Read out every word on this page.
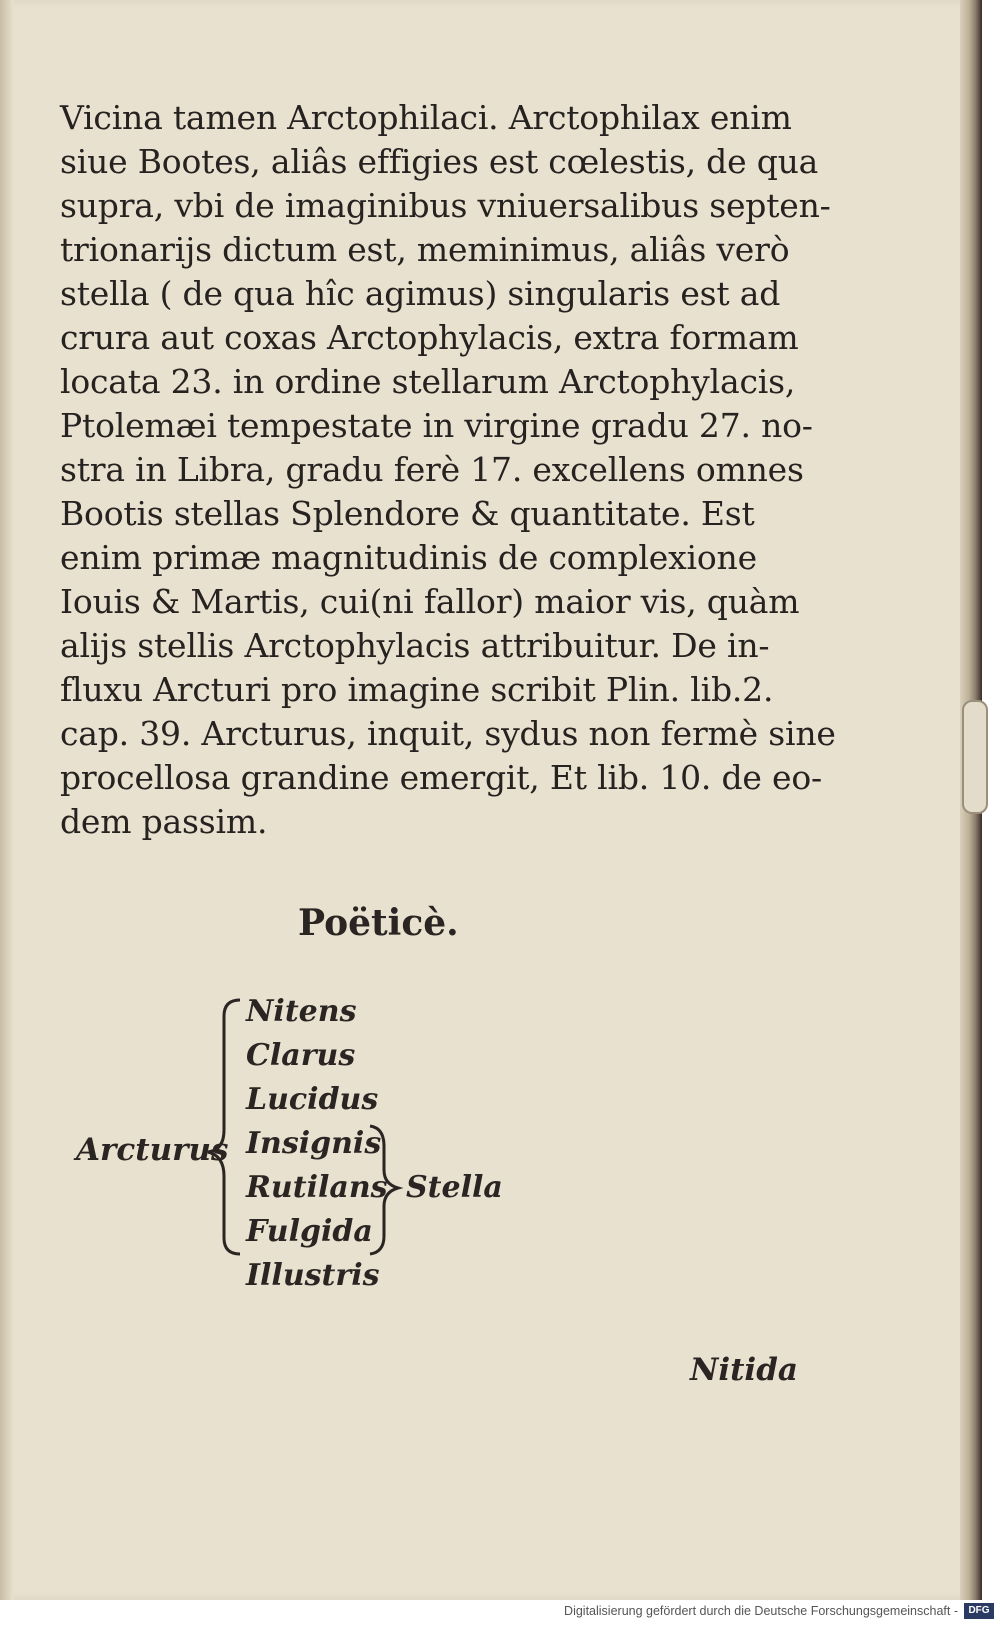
Vicina tamen Arctophilaci. Arctophilax enim

siue Bootes, aliâs effigies est cœlestis, de qua

supra, vbi de imaginibus vniuersalibus septen-

trionarijs dictum est, meminimus, aliâs verò

stella ( de qua hîc agimus) singularis est ad

crura aut coxas Arctophylacis, extra formam

locata 23. in ordine stellarum Arctophylacis,

Ptolemæi tempestate in virgine gradu 27. no-

stra in Libra, gradu ferè 17. excellens omnes

Bootis stellas Splendore & quantitate. Est

enim primæ magnitudinis de complexione

Iouis & Martis, cui(ni fallor) maior vis, quàm

alijs stellis Arctophylacis attribuitur. De in-

fluxu Arcturi pro imagine scribit Plin. lib.2.

cap. 39. Arcturus, inquit, sydus non fermè sine

procellosa grandine emergit, Et lib. 10. de eo-

dem passim.

Poëticè.

Arcturus

Nitens

Clarus

Lucidus

Insignis

Rutilans

Fulgida

Illustris

Stella

Nitida

Digitalisierung gefördert durch die Deutsche Forschungsgemeinschaft -	DFG
